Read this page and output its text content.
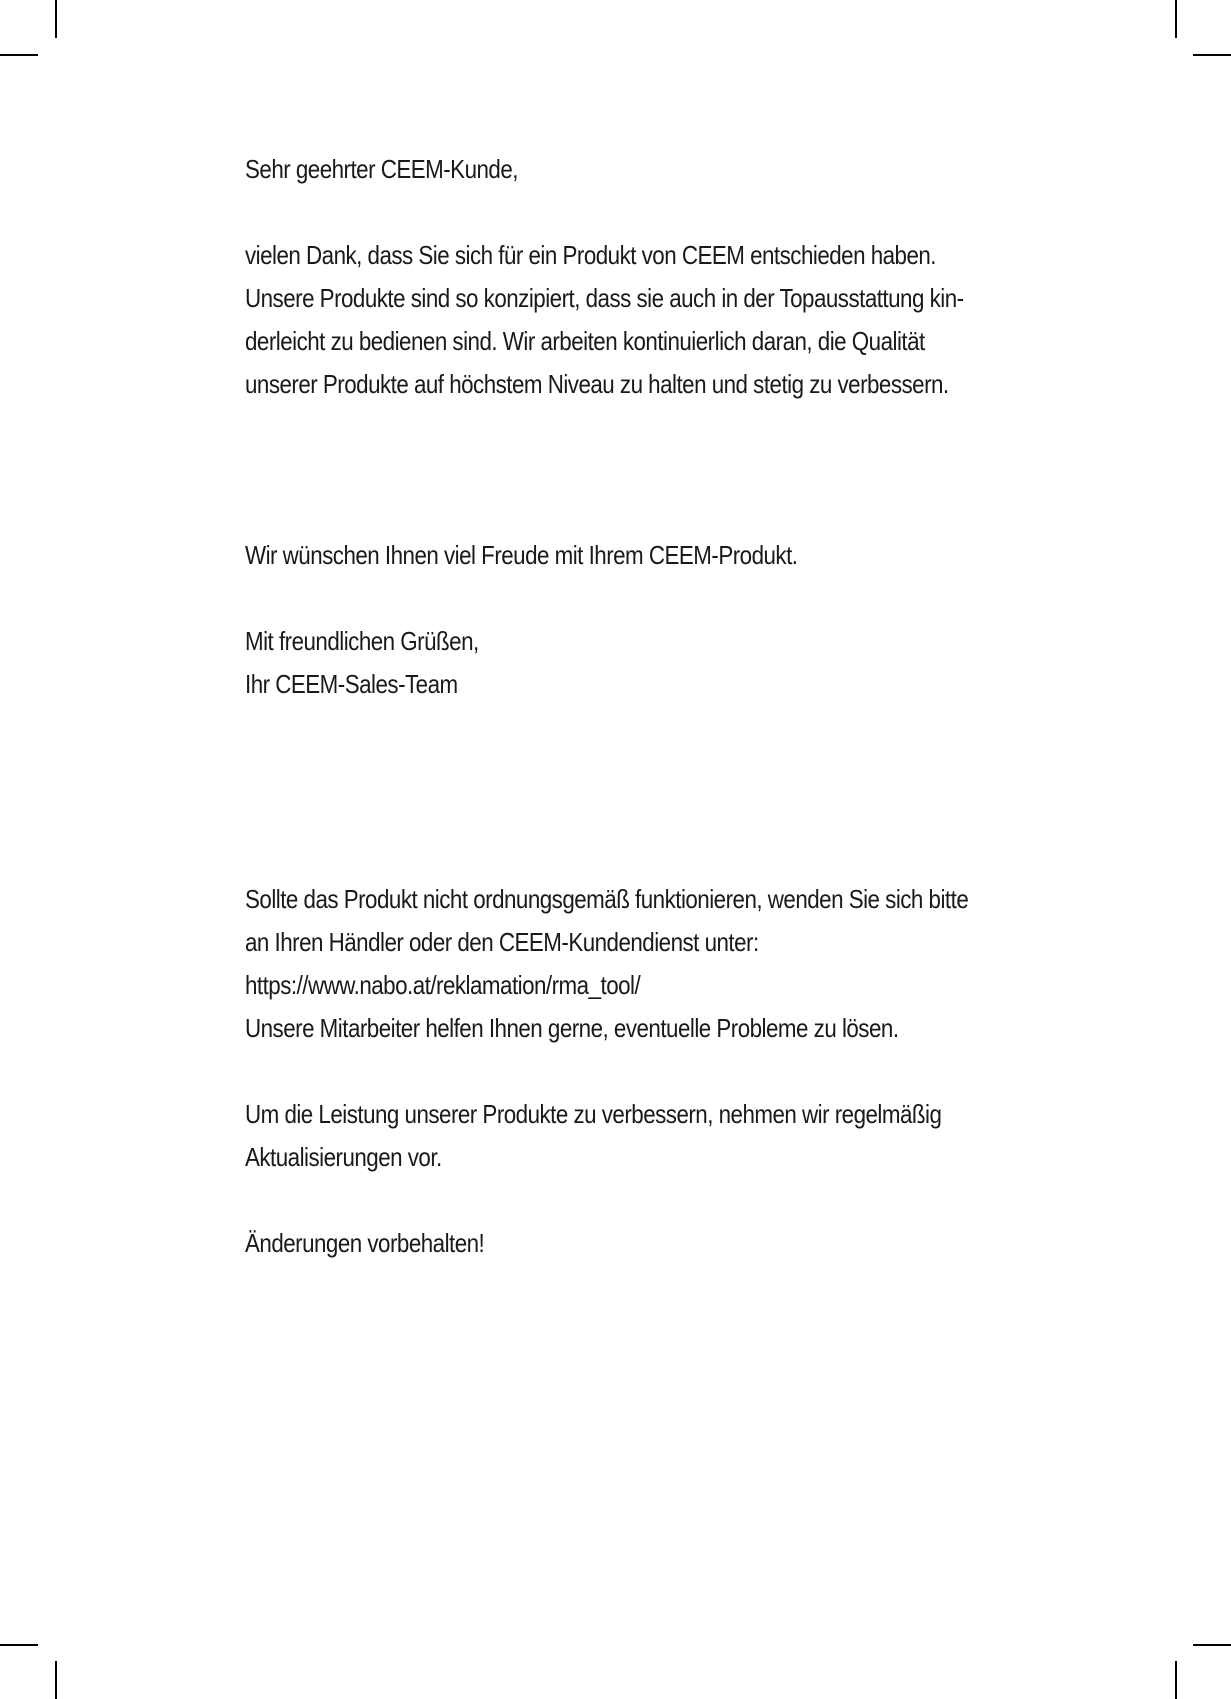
Sehr geehrter CEEM-Kunde,

vielen Dank, dass Sie sich für ein Produkt von CEEM entschieden haben.

Unsere Produkte sind so konzipiert, dass sie auch in der Topausstattung kin-

derleicht zu bedienen sind. Wir arbeiten kontinuierlich daran, die Qualität

unserer Produkte auf höchstem Niveau zu halten und stetig zu verbessern.

Wir wünschen Ihnen viel Freude mit Ihrem CEEM-Produkt.

Mit freundlichen Grüßen,

Ihr CEEM-Sales-Team

Sollte das Produkt nicht ordnungsgemäß funktionieren, wenden Sie sich bitte

an Ihren Händler oder den CEEM-Kundendienst unter:

https://www.nabo.at/reklamation/rma_tool/

Unsere Mitarbeiter helfen Ihnen gerne, eventuelle Probleme zu lösen.

Um die Leistung unserer Produkte zu verbessern, nehmen wir regelmäßig

Aktualisierungen vor.

Änderungen vorbehalten!
